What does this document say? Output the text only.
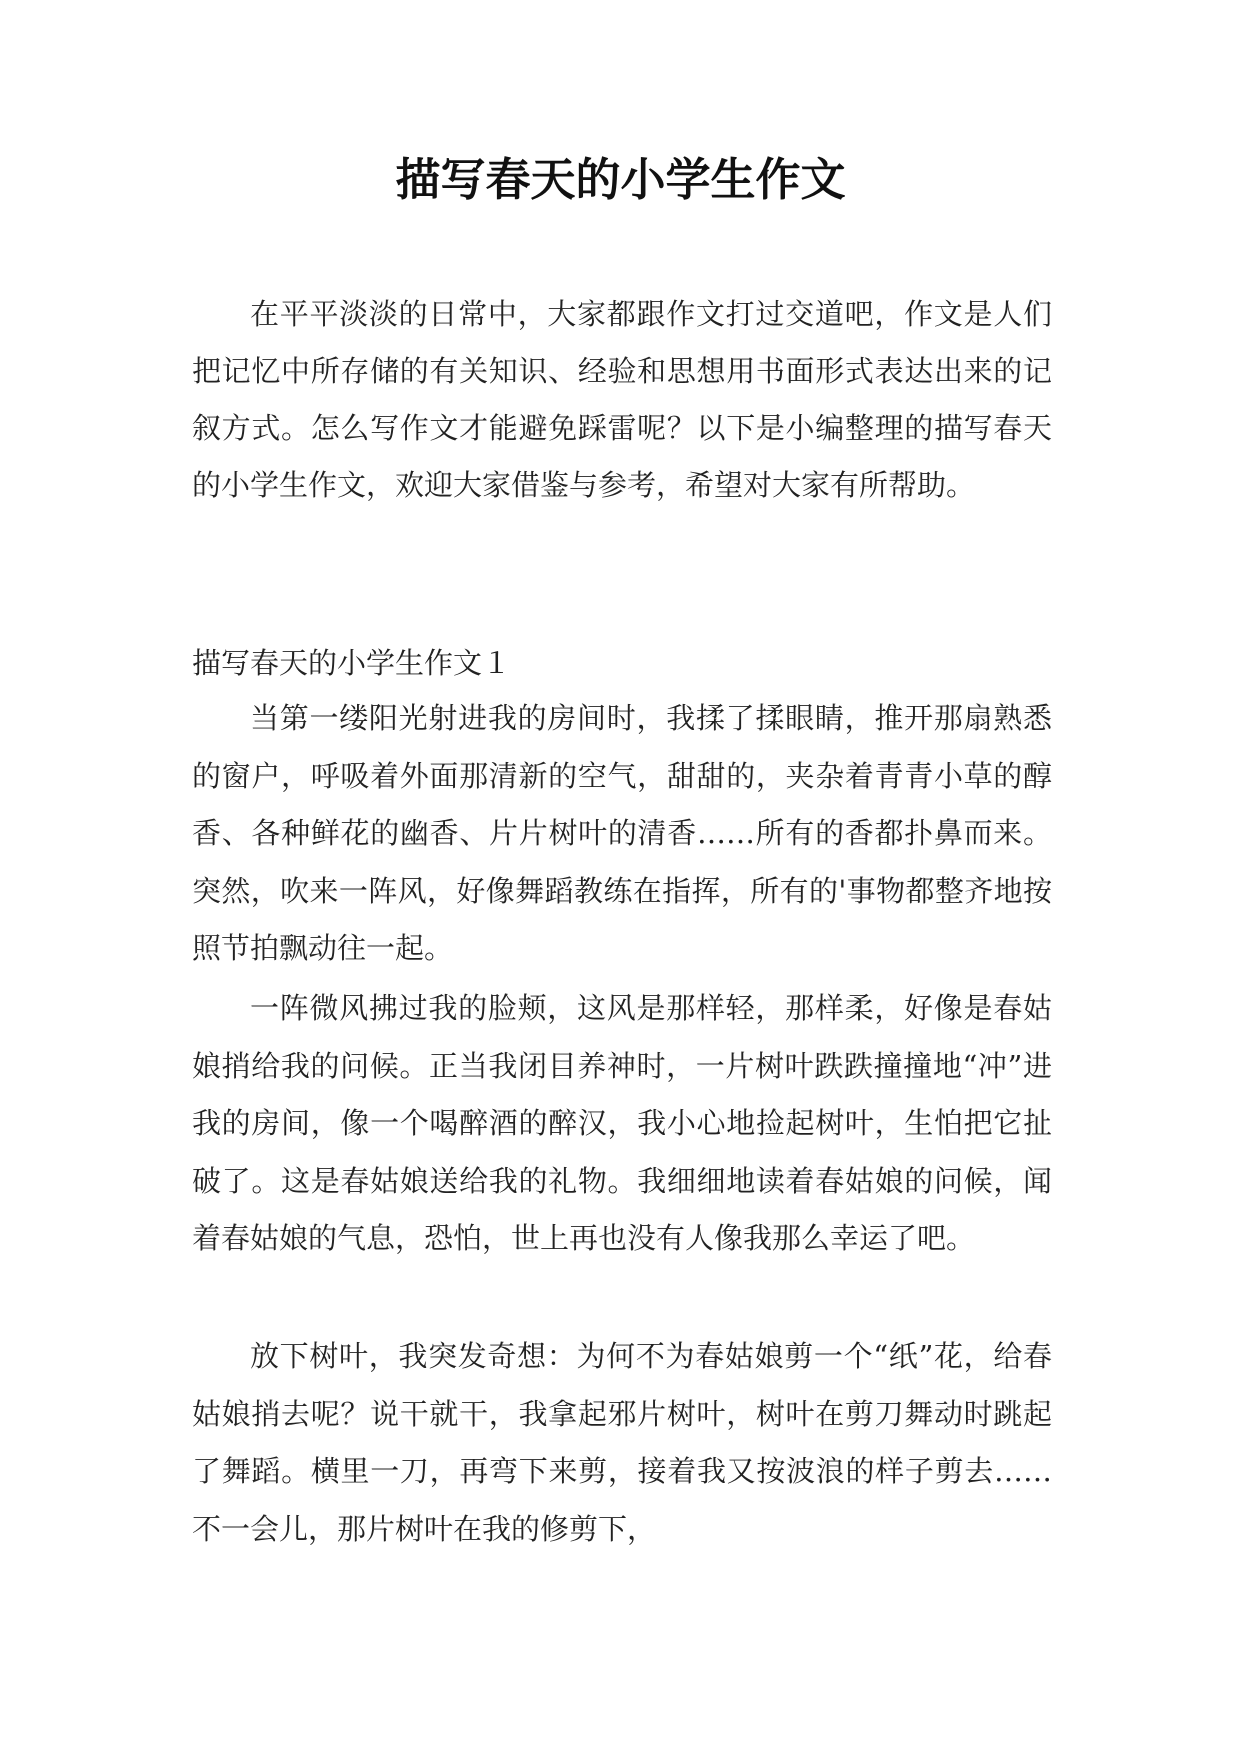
描写春天的小学生作文

在平平淡淡的日常中，大家都跟作文打过交道吧，作文是人们把记忆中所存储的有关知识、经验和思想用书面形式表达出来的记叙方式。怎么写作文才能避免踩雷呢？以下是小编整理的描写春天的小学生作文，欢迎大家借鉴与参考，希望对大家有所帮助。

描写春天的小学生作文１

当第一缕阳光射进我的房间时，我揉了揉眼睛，推开那扇熟悉的窗户，呼吸着外面那清新的空气，甜甜的，夹杂着青青小草的醇香、各种鲜花的幽香、片片树叶的清香……所有的香都扑鼻而来。突然，吹来一阵风，好像舞蹈教练在指挥，所有的'事物都整齐地按照节拍飘动往一起。

一阵微风拂过我的脸颊，这风是那样轻，那样柔，好像是春姑娘捎给我的问候。正当我闭目养神时，一片树叶跌跌撞撞地“冲”进我的房间，像一个喝醉酒的醉汉，我小心地捡起树叶，生怕把它扯破了。这是春姑娘送给我的礼物。我细细地读着春姑娘的问候，闻着春姑娘的气息，恐怕，世上再也没有人像我那么幸运了吧。

放下树叶，我突发奇想：为何不为春姑娘剪一个“纸”花，给春姑娘捎去呢？说干就干，我拿起邪片树叶，树叶在剪刀舞动时跳起了舞蹈。横里一刀，再弯下来剪，接着我又按波浪的样子剪去……不一会儿，那片树叶在我的修剪下，
